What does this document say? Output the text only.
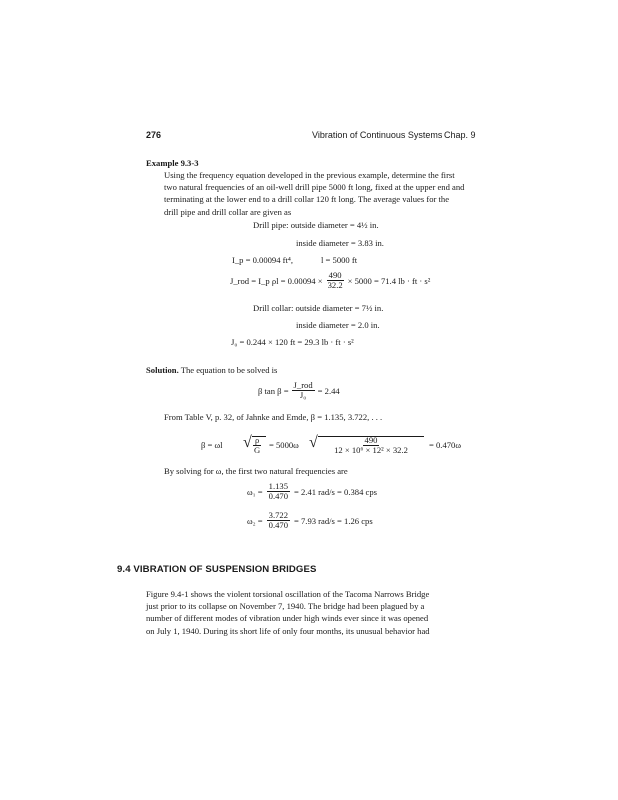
276	Vibration of Continuous Systems Chap. 9
Example 9.3-3
Using the frequency equation developed in the previous example, determine the first
two natural frequencies of an oil-well drill pipe 5000 ft long, fixed at the upper end and
terminating at the lower end to a drill collar 120 ft long. The average values for the
drill pipe and drill collar are given as
Drill pipe: outside diameter = 4½ in.
inside diameter = 3.83 in.
I_p = 0.00094 ft⁴,	l = 5000 ft
J_rod = I_p $\rho l = 0.00094 \times \frac{490}{32.2} \times 5000 = 71.4$ lb · ft · s²
Drill collar: outside diameter = 7½ in.
inside diameter = 2.0 in.
J₀ = 0.244 × 120 ft = 29.3 lb · ft · s²
Solution. The equation to be solved is
β $\tan \beta = \frac{\text{J\_rod}}{\text{J₀}} = 2.44$
From Table V, p. 32, of Jahnke and Emde, β = 1.135, 3.722, . . .
β = ωl √ $\frac{\rho}{G} = 5000\omega$ √ $\frac{490}{\text{12 × 10⁶ × 12² × 32.2}} = 0.470\omega$
By solving for ω, the first two natural frequencies are
$\omega_1 = \frac{1.135}{0.470} = 2.41$ rad/s = 0.384 cps
$\omega_2 = \frac{3.722}{0.470} = 7.93$ rad/s = 1.26 cps
9.4 VIBRATION OF SUSPENSION BRIDGES
Figure 9.4-1 shows the violent torsional oscillation of the Tacoma Narrows Bridge
just prior to its collapse on November 7, 1940. The bridge had been plagued by a
number of different modes of vibration under high winds ever since it was opened
on July 1, 1940. During its short life of only four months, its unusual behavior had
